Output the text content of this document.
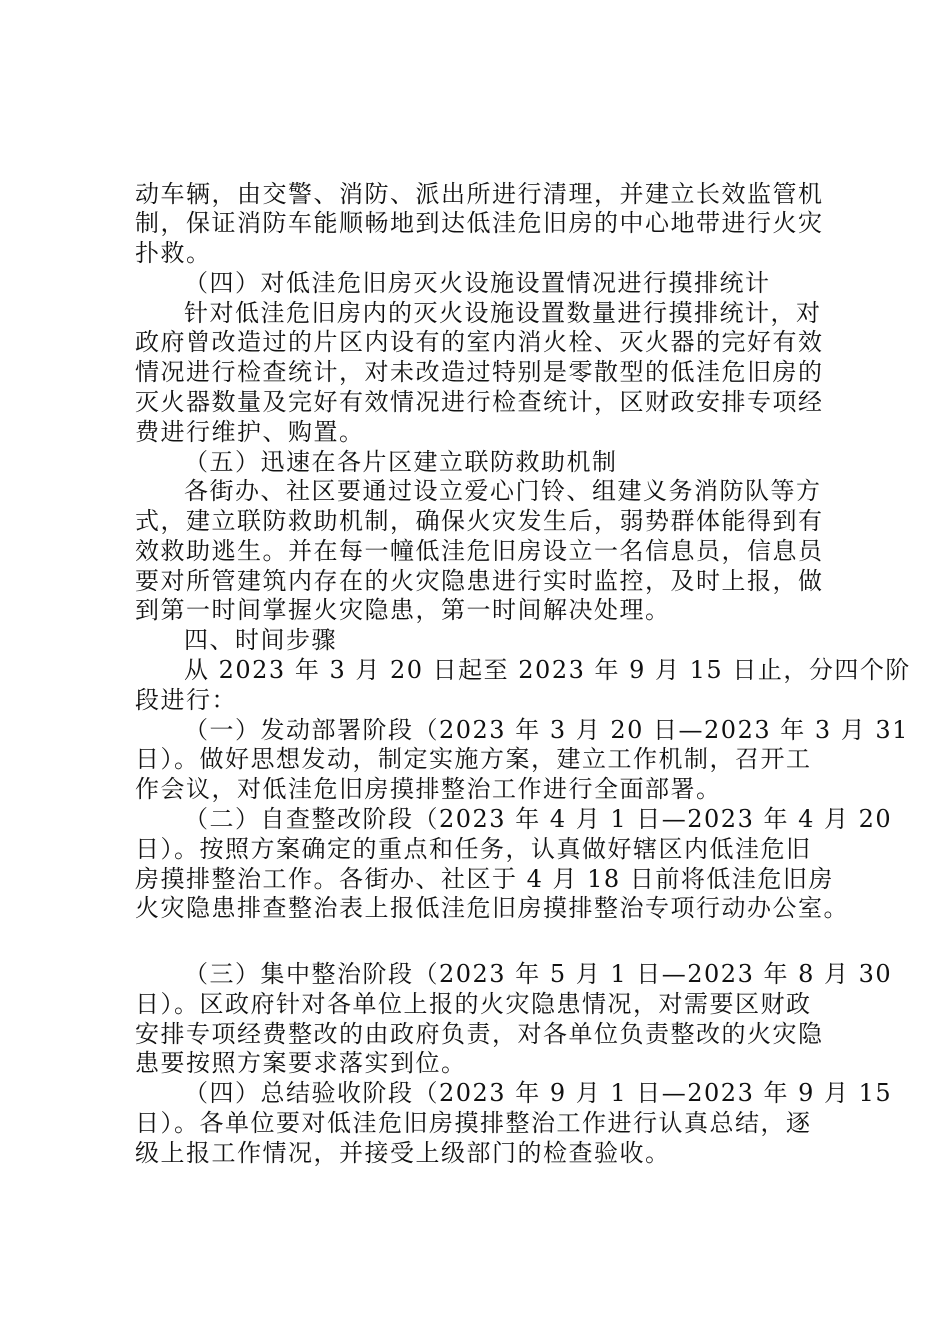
动车辆，由交警、消防、派出所进行清理，并建立长效监管机
制，保证消防车能顺畅地到达低洼危旧房的中心地带进行火灾
扑救。
（四）对低洼危旧房灭火设施设置情况进行摸排统计
针对低洼危旧房内的灭火设施设置数量进行摸排统计，对
政府曾改造过的片区内设有的室内消火栓、灭火器的完好有效
情况进行检查统计，对未改造过特别是零散型的低洼危旧房的
灭火器数量及完好有效情况进行检查统计，区财政安排专项经
费进行维护、购置。
（五）迅速在各片区建立联防救助机制
各街办、社区要通过设立爱心门铃、组建义务消防队等方
式，建立联防救助机制，确保火灾发生后，弱势群体能得到有
效救助逃生。并在每一幢低洼危旧房设立一名信息员，信息员
要对所管建筑内存在的火灾隐患进行实时监控，及时上报，做
到第一时间掌握火灾隐患，第一时间解决处理。
四、时间步骤
从 2023 年 3 月 20 日起至 2023 年 9 月 15 日止，分四个阶
段进行：
（一）发动部署阶段（2023 年 3 月 20 日—2023 年 3 月 31
日）。做好思想发动，制定实施方案，建立工作机制，召开工
作会议，对低洼危旧房摸排整治工作进行全面部署。
（二）自查整改阶段（2023 年 4 月 1 日—2023 年 4 月 20
日）。按照方案确定的重点和任务，认真做好辖区内低洼危旧
房摸排整治工作。各街办、社区于 4 月 18 日前将低洼危旧房
火灾隐患排查整治表上报低洼危旧房摸排整治专项行动办公室。
（三）集中整治阶段（2023 年 5 月 1 日—2023 年 8 月 30
日）。区政府针对各单位上报的火灾隐患情况，对需要区财政
安排专项经费整改的由政府负责，对各单位负责整改的火灾隐
患要按照方案要求落实到位。
（四）总结验收阶段（2023 年 9 月 1 日—2023 年 9 月 15
日）。各单位要对低洼危旧房摸排整治工作进行认真总结，逐
级上报工作情况，并接受上级部门的检查验收。
